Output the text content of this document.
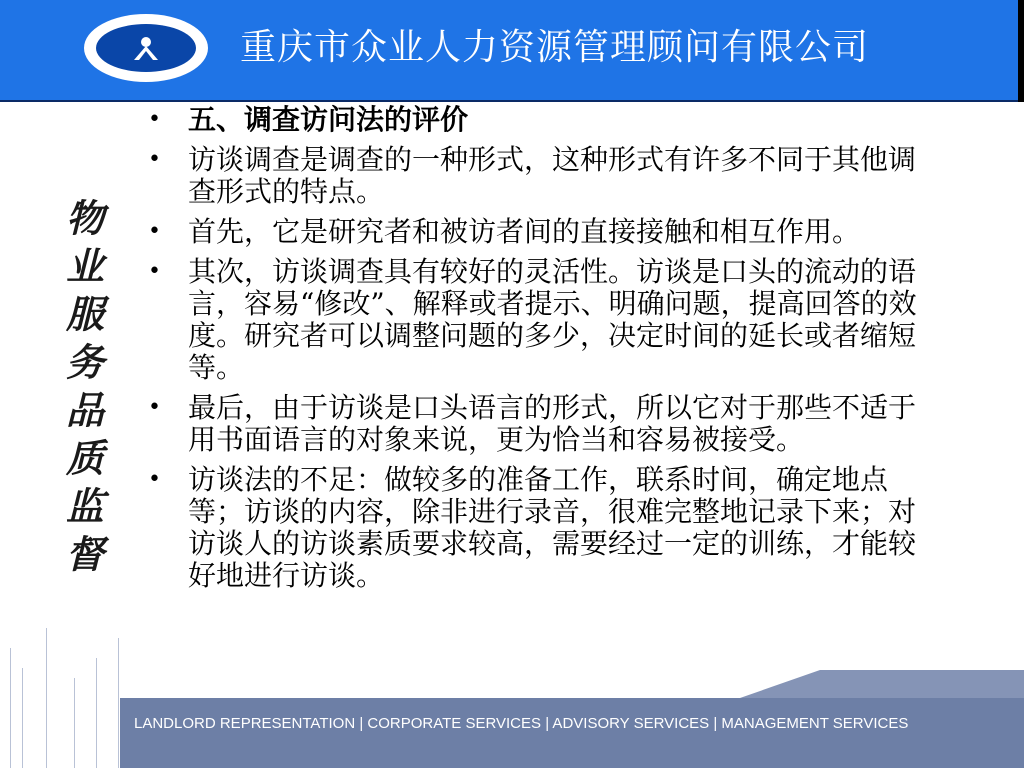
重庆市众业人力资源管理顾问有限公司
物业服务品质监督
• 五、调查访问法的评价
• 访谈调查是调查的一种形式，这种形式有许多不同于其他调查形式的特点。
• 首先，它是研究者和被访者间的直接接触和相互作用。
• 其次，访谈调查具有较好的灵活性。访谈是口头的流动的语言，容易“修改”、解释或者提示、明确问题，提高回答的效度。研究者可以调整问题的多少，决定时间的延长或者缩短等。
• 最后，由于访谈是口头语言的形式，所以它对于那些不适于用书面语言的对象来说，更为恰当和容易被接受。
• 访谈法的不足：做较多的准备工作，联系时间，确定地点等；访谈的内容，除非进行录音，很难完整地记录下来；对访谈人的访谈素质要求较高，需要经过一定的训练，才能较好地进行访谈。
LANDLORD REPRESENTATION | CORPORATE SERVICES | ADVISORY SERVICES | MANAGEMENT SERVICES
